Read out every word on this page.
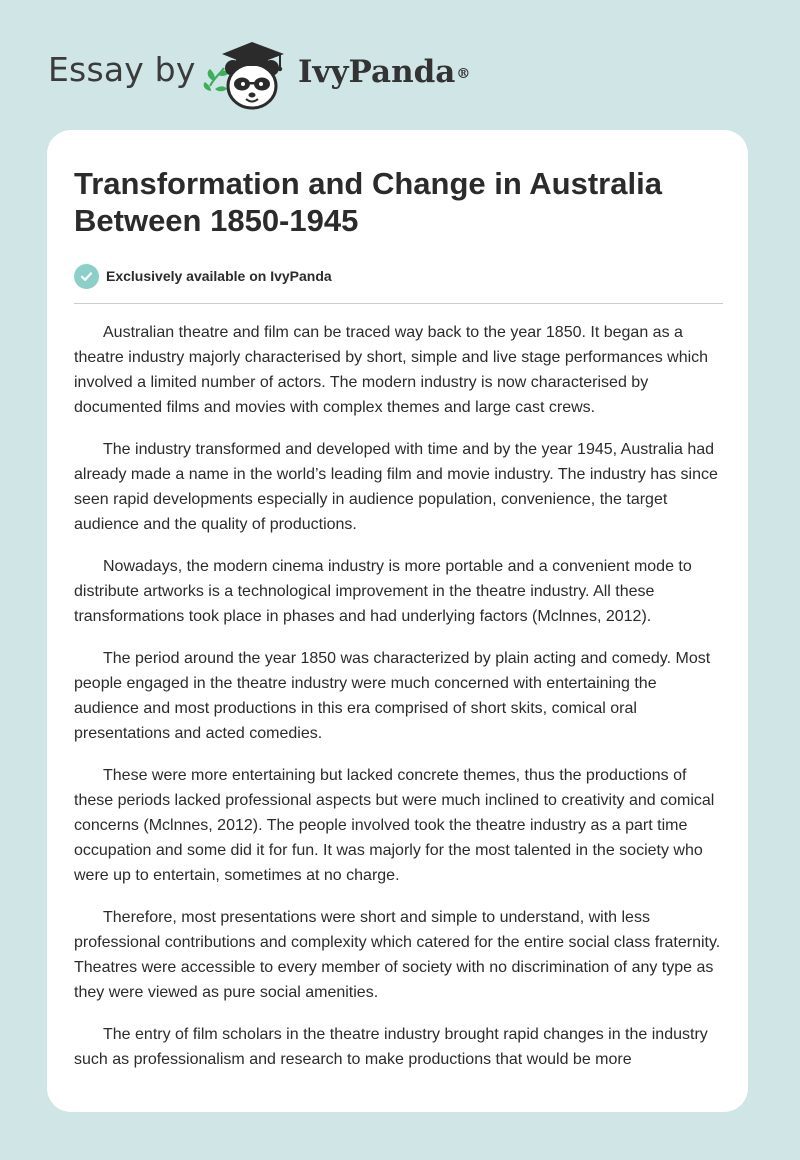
Essay by	IvyPanda®
Transformation and Change in Australia Between 1850-1945
Exclusively available on IvyPanda

Australian theatre and film can be traced way back to the year 1850. It began as a theatre industry majorly characterised by short, simple and live stage performances which involved a limited number of actors. The modern industry is now characterised by documented films and movies with complex themes and large cast crews.

The industry transformed and developed with time and by the year 1945, Australia had already made a name in the world’s leading film and movie industry. The industry has since seen rapid developments especially in audience population, convenience, the target audience and the quality of productions.

Nowadays, the modern cinema industry is more portable and a convenient mode to distribute artworks is a technological improvement in the theatre industry. All these transformations took place in phases and had underlying factors (Mclnnes, 2012).

The period around the year 1850 was characterized by plain acting and comedy. Most people engaged in the theatre industry were much concerned with entertaining the audience and most productions in this era comprised of short skits, comical oral presentations and acted comedies.

These were more entertaining but lacked concrete themes, thus the productions of these periods lacked professional aspects but were much inclined to creativity and comical concerns (Mclnnes, 2012). The people involved took the theatre industry as a part time occupation and some did it for fun. It was majorly for the most talented in the society who were up to entertain, sometimes at no charge.

Therefore, most presentations were short and simple to understand, with less professional contributions and complexity which catered for the entire social class fraternity. Theatres were accessible to every member of society with no discrimination of any type as they were viewed as pure social amenities.

The entry of film scholars in the theatre industry brought rapid changes in the industry such as professionalism and research to make productions that would be more
